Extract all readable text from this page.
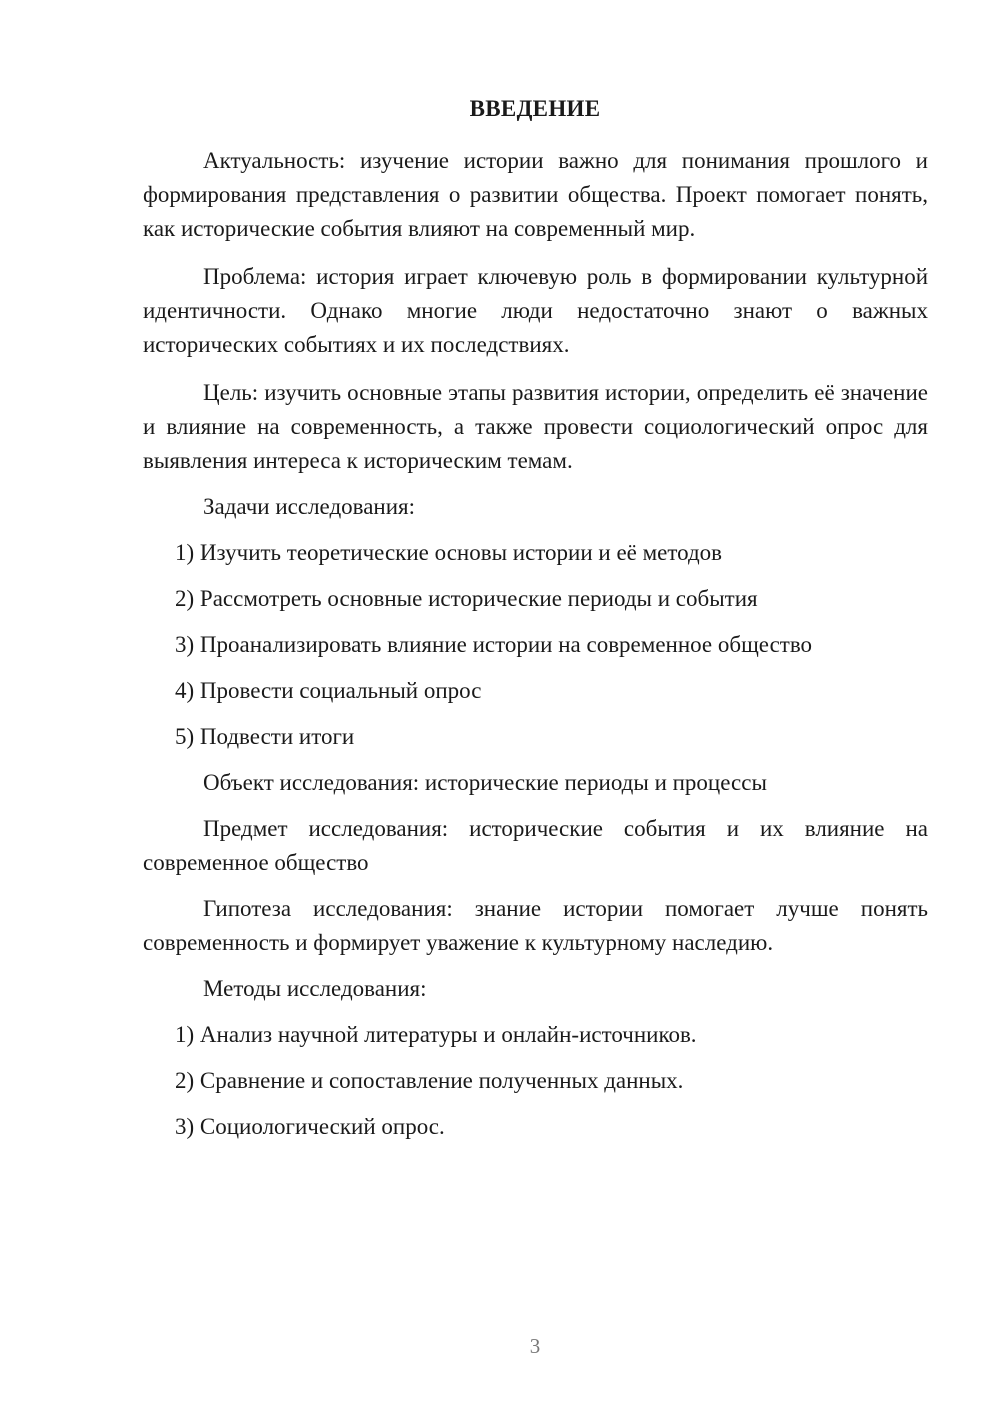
ВВЕДЕНИЕ

Актуальность: изучение истории важно для понимания прошлого и формирования представления о развитии общества. Проект помогает понять, как исторические события влияют на современный мир.

Проблема: история играет ключевую роль в формировании культурной идентичности. Однако многие люди недостаточно знают о важных исторических событиях и их последствиях.

Цель: изучить основные этапы развития истории, определить её значение и влияние на современность, а также провести социологический опрос для выявления интереса к историческим темам.

Задачи исследования:

1) Изучить теоретические основы истории и её методов

2) Рассмотреть основные исторические периоды и события

3) Проанализировать влияние истории на современное общество

4) Провести социальный опрос

5) Подвести итоги

Объект исследования: исторические периоды и процессы

Предмет исследования: исторические события и их влияние на современное общество

Гипотеза исследования: знание истории помогает лучше понять современность и формирует уважение к культурному наследию.

Методы исследования:

1) Анализ научной литературы и онлайн-источников.

2) Сравнение и сопоставление полученных данных.

3) Социологический опрос.

3
